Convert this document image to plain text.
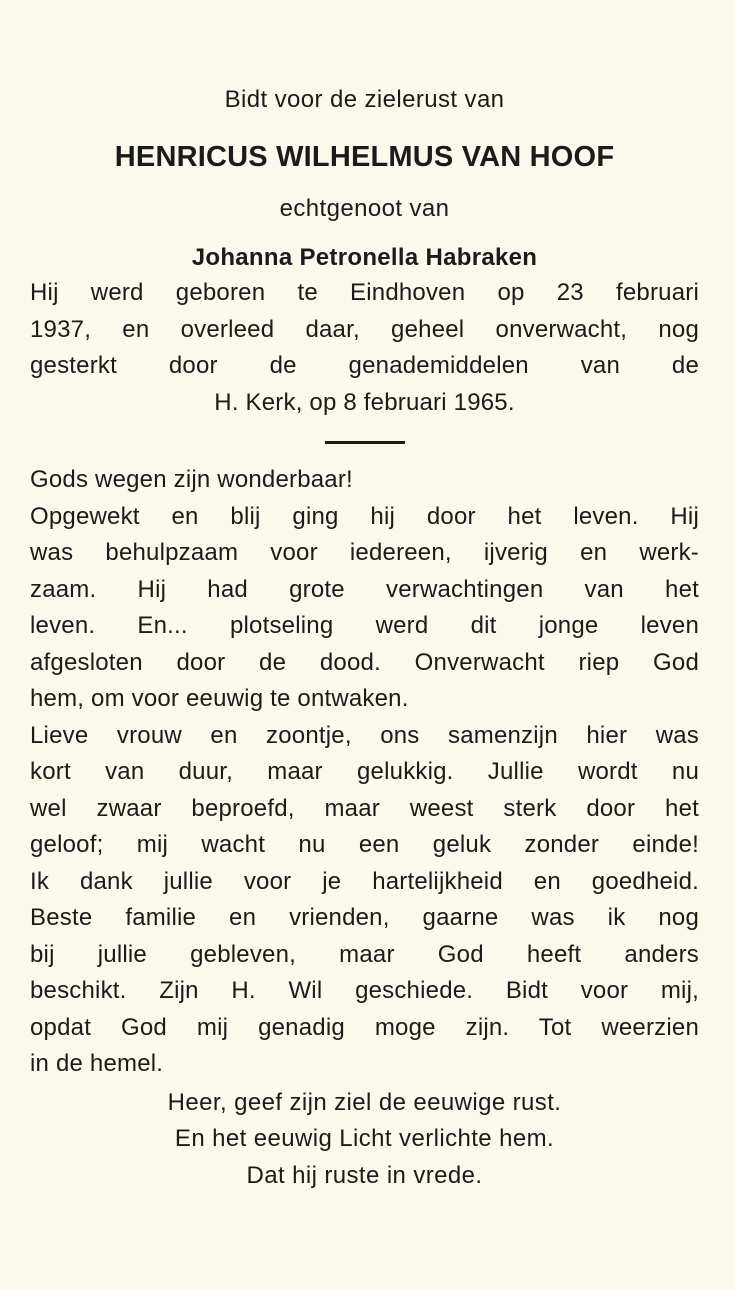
Bidt voor de zielerust van
HENRICUS WILHELMUS VAN HOOF
echtgenoot van
Johanna Petronella Habraken
Hij werd geboren te Eindhoven op 23 februari
1937, en overleed daar, geheel onverwacht, nog
gesterkt door de genademiddelen van de
H. Kerk, op 8 februari 1965.
Gods wegen zijn wonderbaar!
Opgewekt en blij ging hij door het leven. Hij
was behulpzaam voor iedereen, ijverig en werk-
zaam. Hij had grote verwachtingen van het
leven. En... plotseling werd dit jonge leven
afgesloten door de dood. Onverwacht riep God
hem, om voor eeuwig te ontwaken.
Lieve vrouw en zoontje, ons samenzijn hier was
kort van duur, maar gelukkig. Jullie wordt nu
wel zwaar beproefd, maar weest sterk door het
geloof; mij wacht nu een geluk zonder einde!
Ik dank jullie voor je hartelijkheid en goedheid.
Beste familie en vrienden, gaarne was ik nog
bij jullie gebleven, maar God heeft anders
beschikt. Zijn H. Wil geschiede. Bidt voor mij,
opdat God mij genadig moge zijn. Tot weerzien
in de hemel.
Heer, geef zijn ziel de eeuwige rust.
En het eeuwig Licht verlichte hem.
Dat hij ruste in vrede.
